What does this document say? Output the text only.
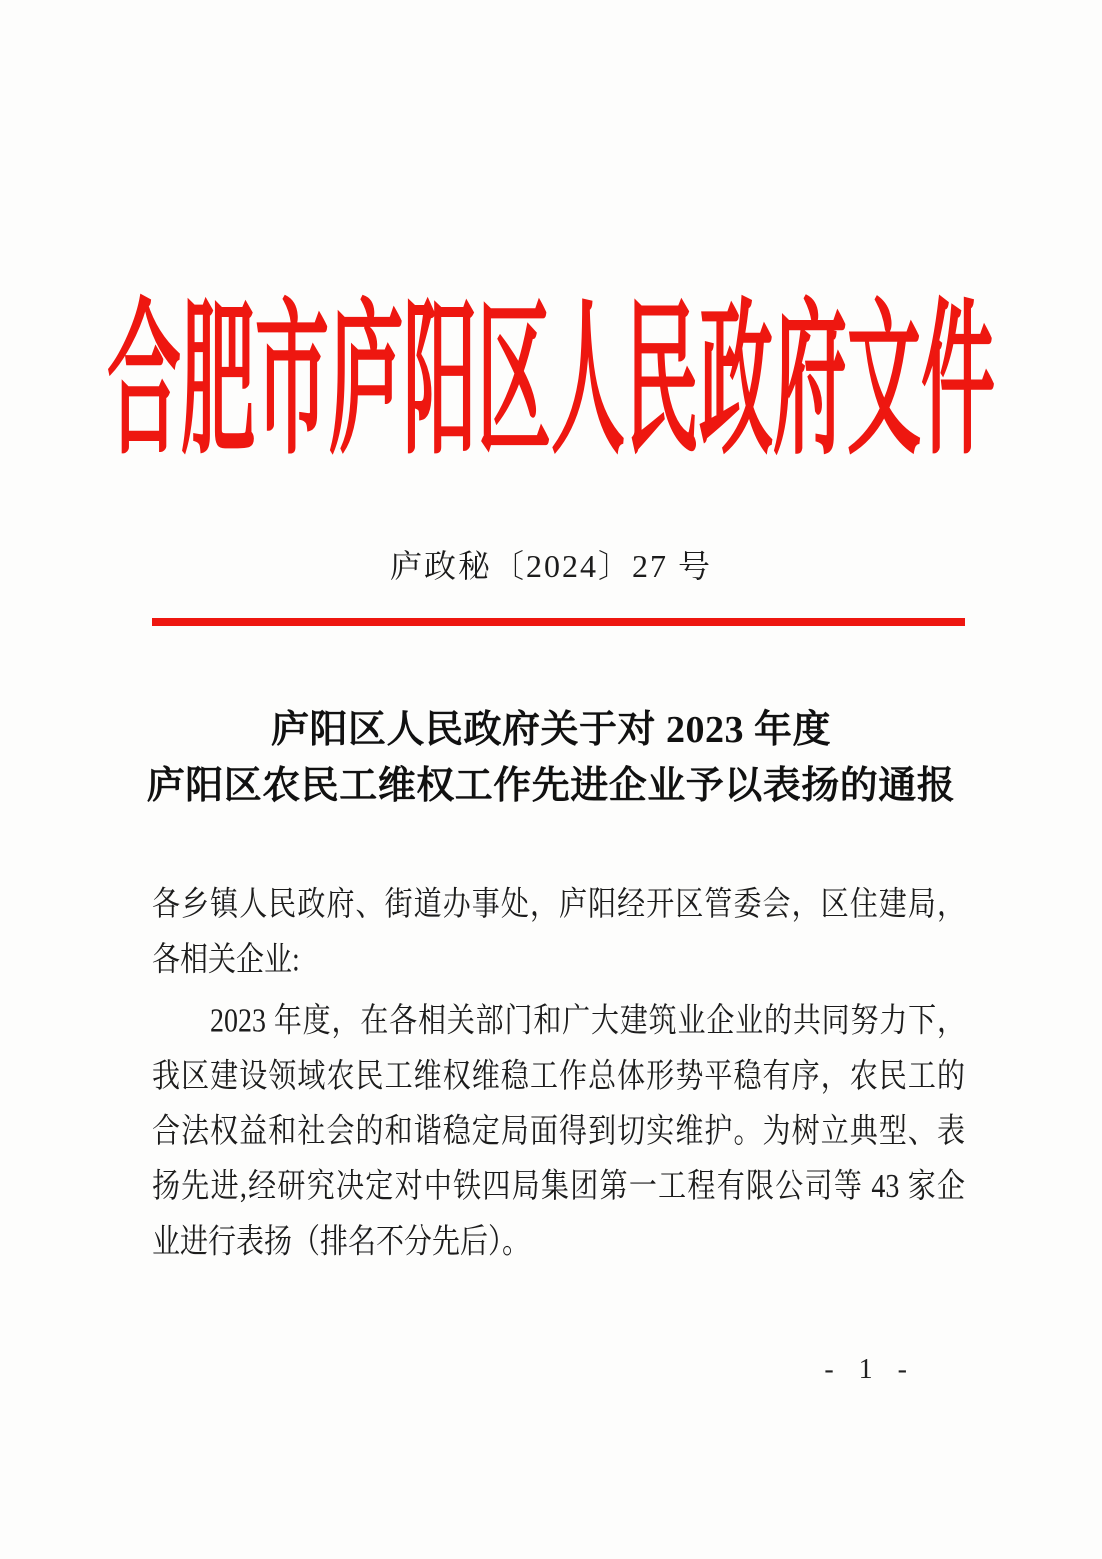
合肥市庐阳区人民政府文件
庐政秘〔2024〕27 号
庐阳区人民政府关于对 2023 年度
庐阳区农民工维权工作先进企业予以表扬的通报
各乡镇人民政府、街道办事处，庐阳经开区管委会，区住建局，
各相关企业:
2023 年度，在各相关部门和广大建筑业企业的共同努力下，
我区建设领域农民工维权维稳工作总体形势平稳有序，农民工的
合法权益和社会的和谐稳定局面得到切实维护。为树立典型、表
扬先进,经研究决定对中铁四局集团第一工程有限公司等 43 家企
业进行表扬（排名不分先后）。
- 1 -
